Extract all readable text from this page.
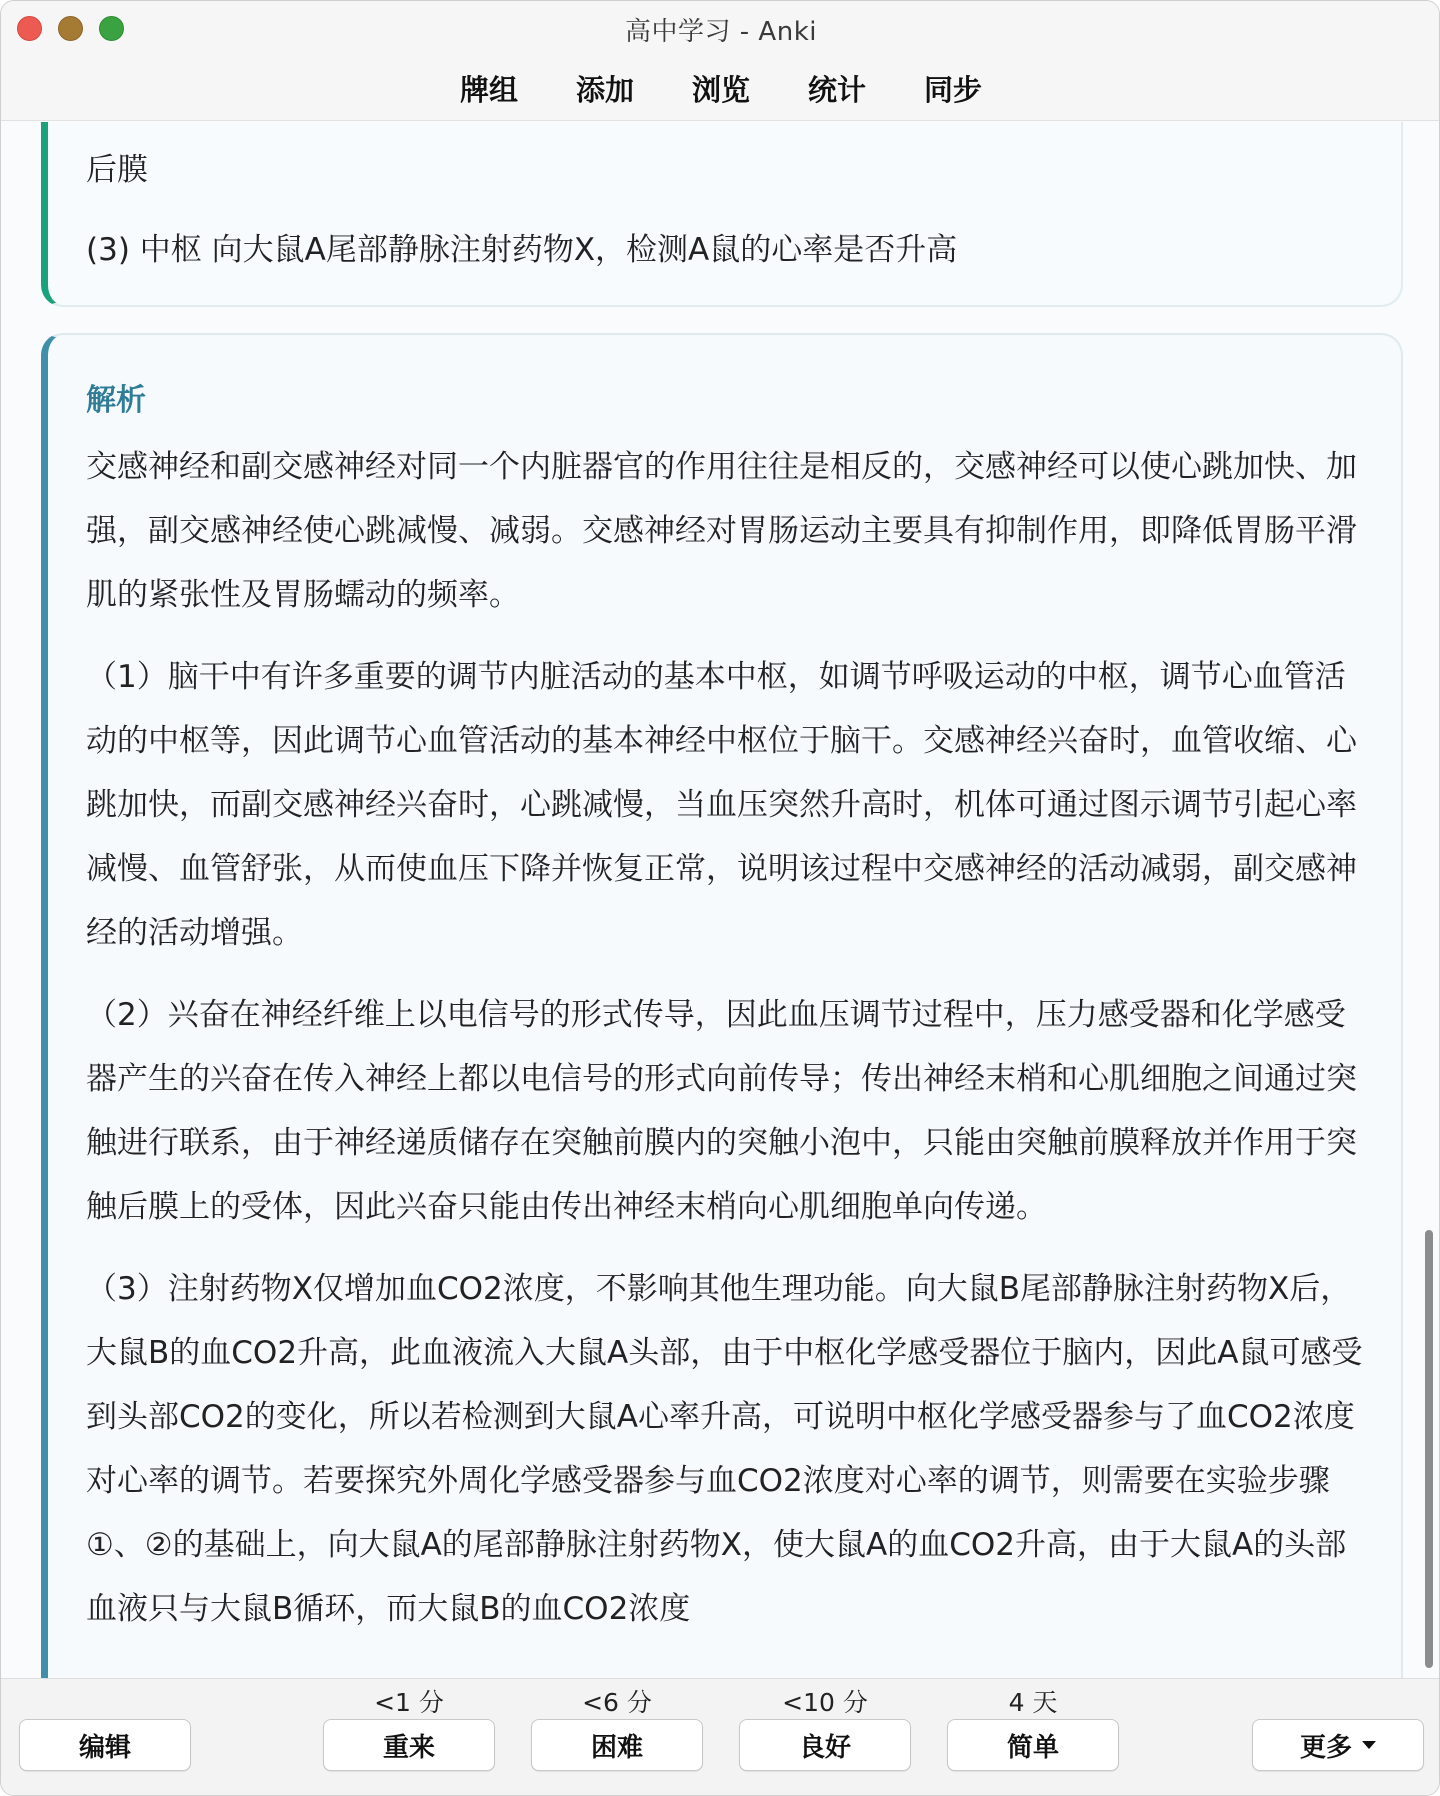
高中学习 - Anki
牌组	添加	浏览	统计	同步
后膜
(3) 中枢 向大鼠A尾部静脉注射药物X，检测A鼠的心率是否升高
解析

交感神经和副交感神经对同一个内脏器官的作用往往是相反的，交感神经可以使心跳加快、加强，副交感神经使心跳减慢、减弱。交感神经对胃肠运动主要具有抑制作用，即降低胃肠平滑肌的紧张性及胃肠蠕动的频率。

（1）脑干中有许多重要的调节内脏活动的基本中枢，如调节呼吸运动的中枢，调节心血管活动的中枢等，因此调节心血管活动的基本神经中枢位于脑干。交感神经兴奋时，血管收缩、心跳加快，而副交感神经兴奋时，心跳减慢，当血压突然升高时，机体可通过图示调节引起心率减慢、血管舒张，从而使血压下降并恢复正常，说明该过程中交感神经的活动减弱，副交感神经的活动增强。

（2）兴奋在神经纤维上以电信号的形式传导，因此血压调节过程中，压力感受器和化学感受器产生的兴奋在传入神经上都以电信号的形式向前传导；传出神经末梢和心肌细胞之间通过突触进行联系，由于神经递质储存在突触前膜内的突触小泡中，只能由突触前膜释放并作用于突触后膜上的受体，因此兴奋只能由传出神经末梢向心肌细胞单向传递。

（3）注射药物X仅增加血CO2浓度，不影响其他生理功能。向大鼠B尾部静脉注射药物X后，大鼠B的血CO2升高，此血液流入大鼠A头部，由于中枢化学感受器位于脑内，因此A鼠可感受到头部CO2的变化，所以若检测到大鼠A心率升高，可说明中枢化学感受器参与了血CO2浓度对心率的调节。若要探究外周化学感受器参与血CO2浓度对心率的调节，则需要在实验步骤①、②的基础上，向大鼠A的尾部静脉注射药物X，使大鼠A的血CO2升高，由于大鼠A的头部血液只与大鼠B循环，而大鼠B的血CO2浓度

编辑
<1 分
重来
<6 分
困难
<10 分
良好
4 天
简单	更多
